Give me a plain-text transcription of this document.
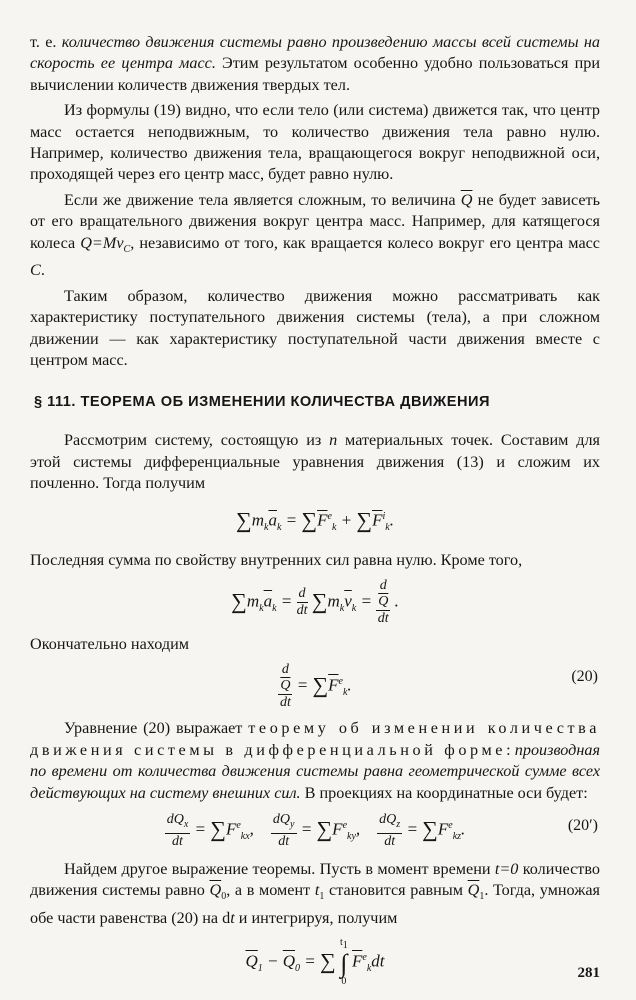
т. е. количество движения системы равно произведению массы всей системы на скорость ее центра масс. Этим результатом особенно удобно пользоваться при вычислении количеств движения твердых тел.

Из формулы (19) видно, что если тело (или система) движется так, что центр масс остается неподвижным, то количество движения тела равно нулю. Например, количество движения тела, вращающегося вокруг неподвижной оси, проходящей через его центр масс, будет равно нулю.

Если же движение тела является сложным, то величина $\overline{Q}$ не будет зависеть от его вращательного движения вокруг центра масс. Например, для катящегося колеса $Q=Mv_C$, независимо от того, как вращается колесо вокруг его центра масс C.

Таким образом, количество движения можно рассматривать как характеристику поступательного движения системы (тела), а при сложном движении — как характеристику поступательной части движения вместе с центром масс.

§ 111. ТЕОРЕМА ОБ ИЗМЕНЕНИИ КОЛИЧЕСТВА ДВИЖЕНИЯ

Рассмотрим систему, состоящую из n материальных точек. Составим для этой системы дифференциальные уравнения движения (13) и сложим их почленно. Тогда получим

$\sum m_k\overline{a}_k = \sum\overline{F}^e_k + \sum\overline{F}^i_k$.

Последняя сумма по свойству внутренних сил равна нулю. Кроме того,

$\sum m_k\overline{a}_k = \frac{d}{dt} \sum m_k\overline{v}_k = d$
$\overline{Q}$
dt .

Окончательно находим

d
$\overline{Q}$
dt = $\sum\overline{F}^e_k$.	(20)

Уравнение (20) выражает теорему об изменении количества движения системы в дифференциальной форме: производная по времени от количества движения системы равна геометрической сумме всех действующих на систему внешних сил. В проекциях на координатные оси будет:

$\frac{dQ_x}{dt} = \sum F^e_{kx}$, $\frac{dQ_y}{dt} = \sum F^e_{ky}$, $\frac{dQ_z}{dt} = \sum F^e_{kz}$.	(20′)

Найдем другое выражение теоремы. Пусть в момент времени t=0 количество движения системы равно $\overline{Q}_0$, а в момент $t_1$ становится равным $\overline{Q}_1$. Тогда, умножая обе части равенства (20) на dt и интегрируя, получим

$\overline{Q}_1 - \overline{Q}_0$ = ∑
$t_1$
∫
0
$\overline{F}^e_kdt$
281
